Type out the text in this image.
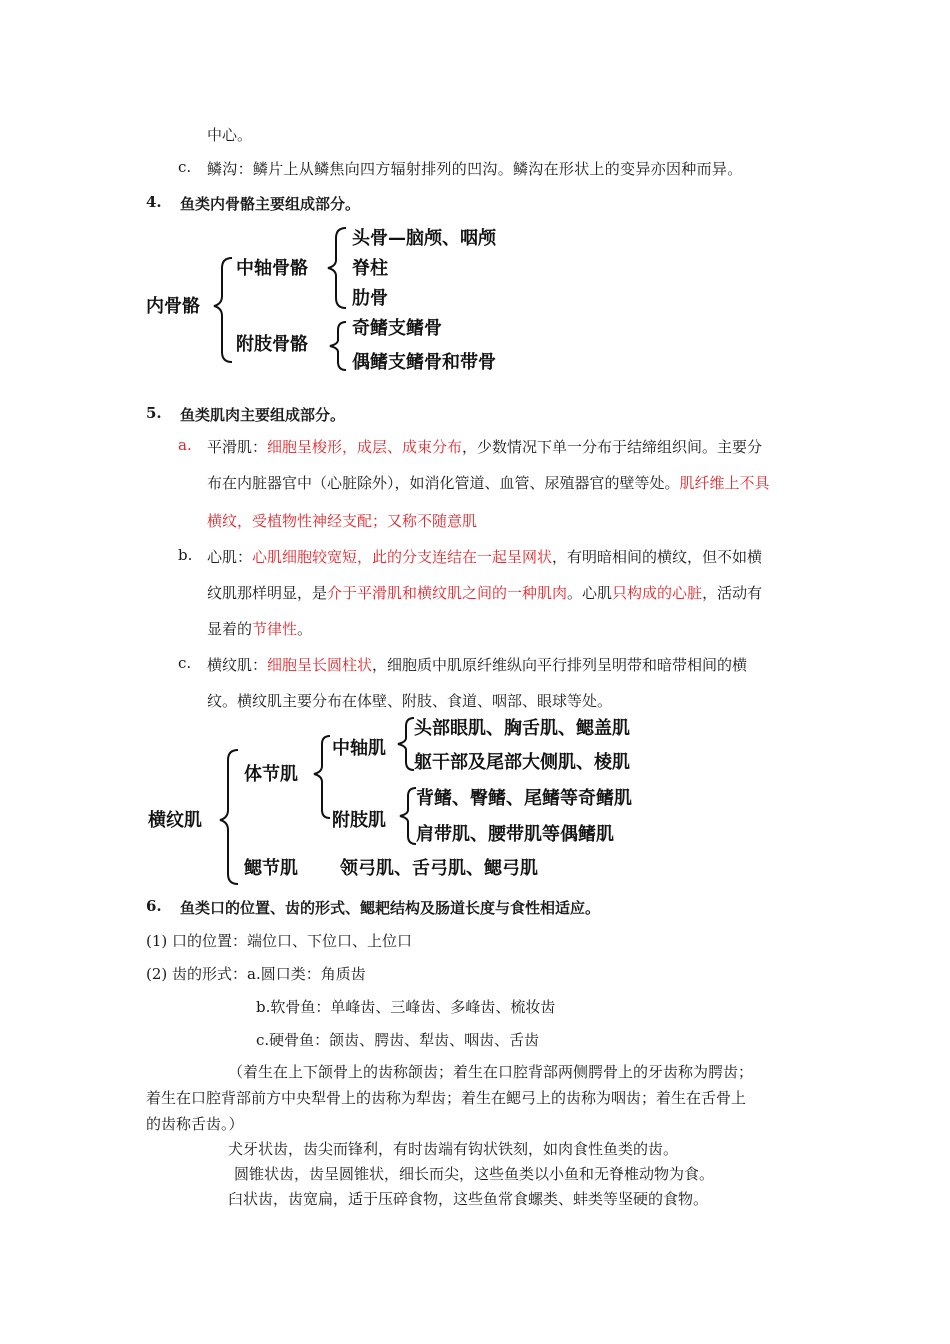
中心。
c. 鳞沟：鳞片上从鳞焦向四方辐射排列的凹沟。鳞沟在形状上的变异亦因种而异。
4. 鱼类内骨骼主要组成部分。
内骨骼
中轴骨骼
附肢骨骼
头骨—脑颅、咽颅
脊柱
肋骨
奇鳍支鳍骨
偶鳍支鳍骨和带骨
5. 鱼类肌肉主要组成部分。
a. 平滑肌：细胞呈梭形，成层、成束分布，少数情况下单一分布于结缔组织间。主要分
布在内脏器官中（心脏除外），如消化管道、血管、尿殖器官的壁等处。肌纤维上不具
横纹，受植物性神经支配；又称不随意肌
b. 心肌：心肌细胞较宽短，此的分支连结在一起呈网状，有明暗相间的横纹，但不如横
纹肌那样明显，是介于平滑肌和横纹肌之间的一种肌肉。心肌只构成的心脏，活动有
显着的节律性。
c. 横纹肌：细胞呈长圆柱状，细胞质中肌原纤维纵向平行排列呈明带和暗带相间的横
纹。横纹肌主要分布在体壁、附肢、食道、咽部、眼球等处。
横纹肌
体节肌
鳃节肌 领弓肌、舌弓肌、鳃弓肌
中轴肌
附肢肌
头部眼肌、胸舌肌、鳃盖肌
躯干部及尾部大侧肌、棱肌
背鳍、臀鳍、尾鳍等奇鳍肌
肩带肌、腰带肌等偶鳍肌
6. 鱼类口的位置、齿的形式、鳃耙结构及肠道长度与食性相适应。
(1) 口的位置：端位口、下位口、上位口
(2) 齿的形式：a.圆口类：角质齿
b.软骨鱼：单峰齿、三峰齿、多峰齿、梳妆齿
c.硬骨鱼：颌齿、腭齿、犁齿、咽齿、舌齿
（着生在上下颌骨上的齿称颌齿；着生在口腔背部两侧腭骨上的牙齿称为腭齿；
着生在口腔背部前方中央犁骨上的齿称为犁齿；着生在鳃弓上的齿称为咽齿；着生在舌骨上
的齿称舌齿。）
犬牙状齿，齿尖而锋利，有时齿端有钩状铁刻，如肉食性鱼类的齿。
圆锥状齿，齿呈圆锥状，细长而尖，这些鱼类以小鱼和无脊椎动物为食。
臼状齿，齿宽扁，适于压碎食物，这些鱼常食螺类、蚌类等坚硬的食物。
